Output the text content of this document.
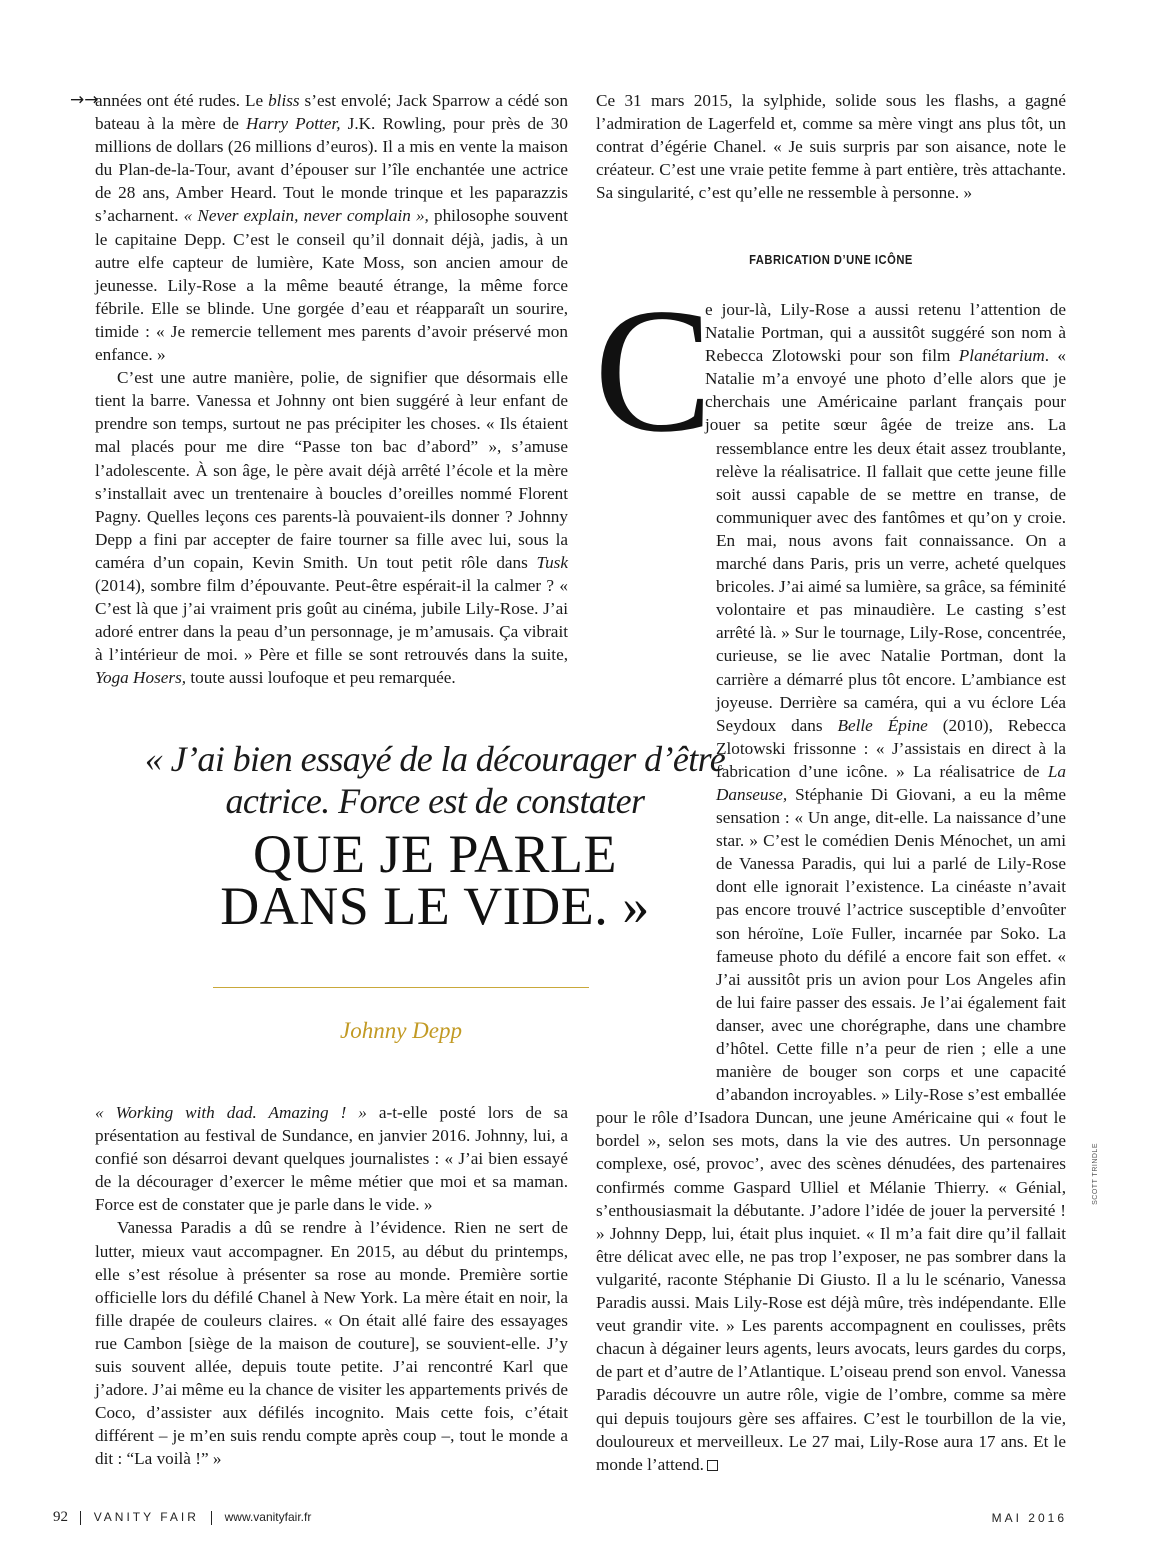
→→

années ont été rudes. Le bliss s’est envolé; Jack Sparrow a cédé son bateau à la mère de Harry Potter, J.K. Rowling, pour près de 30 millions de dollars (26 millions d’euros). Il a mis en vente la maison du Plan-de-la-Tour, avant d’épouser sur l’île enchantée une actrice de 28 ans, Amber Heard. Tout le monde trinque et les paparazzis s’acharnent. « Never explain, never complain », philosophe souvent le capitaine Depp. C’est le conseil qu’il donnait déjà, jadis, à un autre elfe capteur de lumière, Kate Moss, son ancien amour de jeunesse. Lily-Rose a la même beauté étrange, la même force fébrile. Elle se blinde. Une gorgée d’eau et réapparaît un sourire, timide : « Je remercie tellement mes parents d’avoir préservé mon enfance. »

C’est une autre manière, polie, de signifier que désormais elle tient la barre. Vanessa et Johnny ont bien suggéré à leur enfant de prendre son temps, surtout ne pas précipiter les choses. « Ils étaient mal placés pour me dire “Passe ton bac d’abord” », s’amuse l’adolescente. À son âge, le père avait déjà arrêté l’école et la mère s’installait avec un trentenaire à boucles d’oreilles nommé Florent Pagny. Quelles leçons ces parents-là pouvaient-ils donner ? Johnny Depp a fini par accepter de faire tourner sa fille avec lui, sous la caméra d’un copain, Kevin Smith. Un tout petit rôle dans Tusk (2014), sombre film d’épouvante. Peut-être espérait-il la calmer ? « C’est là que j’ai vraiment pris goût au cinéma, jubile Lily-Rose. J’ai adoré entrer dans la peau d’un personnage, je m’amusais. Ça vibrait à l’intérieur de moi. » Père et fille se sont retrouvés dans la suite, Yoga Hosers, toute aussi loufoque et peu remarquée.

Ce 31 mars 2015, la sylphide, solide sous les flashs, a gagné l’admiration de Lagerfeld et, comme sa mère vingt ans plus tôt, un contrat d’égérie Chanel. « Je suis surpris par son aisance, note le créateur. C’est une vraie petite femme à part entière, très attachante. Sa singularité, c’est qu’elle ne ressemble à personne. »

FABRICATION D’UNE ICÔNE
C

e jour-là, Lily-Rose a aussi retenu l’attention de Natalie Portman, qui a aussitôt suggéré son nom à Rebecca Zlotowski pour son film Planétarium. « Natalie m’a envoyé une photo d’elle alors que je cherchais une Américaine parlant français pour jouer sa petite sœur âgée de treize ans. La ressemblance entre les deux était assez troublante, relève la réalisatrice. Il fallait que cette jeune fille soit aussi capable de se mettre en transe, de communiquer avec des fantômes et qu’on y croie. En mai, nous avons fait connaissance. On a marché dans Paris, pris un verre, acheté quelques bricoles. J’ai aimé sa lumière, sa grâce, sa féminité volontaire et pas minaudière. Le casting s’est arrêté là. » Sur le tournage, Lily-Rose, concentrée, curieuse, se lie avec Natalie Portman, dont la carrière a démarré plus tôt encore. L’ambiance est joyeuse. Derrière sa caméra, qui a vu éclore Léa Seydoux dans Belle Épine (2010), Rebecca Zlotowski frissonne : « J’assistais en direct à la fabrication d’une icône. » La réalisatrice de La Danseuse, Stéphanie Di Giovani, a eu la même sensation : « Un ange, dit-elle. La naissance d’une star. » C’est le comédien Denis Ménochet, un ami de Vanessa Paradis, qui lui a parlé de Lily-Rose dont elle ignorait l’existence. La cinéaste n’avait pas encore trouvé l’actrice susceptible d’envoûter son héroïne, Loïe Fuller, incarnée par Soko. La fameuse photo du défilé a encore fait son effet. « J’ai aussitôt pris un avion pour Los Angeles afin de lui faire passer des essais. Je l’ai également fait danser, avec une chorégraphe, dans une chambre d’hôtel. Cette fille n’a peur de rien ; elle a une manière de bouger son corps et une capacité d’abandon incroyables. » Lily-Rose s’est emballée pour le rôle d’Isadora Duncan, une jeune Américaine qui « fout le bordel », selon ses mots, dans la vie des autres. Un personnage complexe, osé, provoc’, avec des scènes dénudées, des partenaires confirmés comme Gaspard Ulliel et Mélanie Thierry. « Génial, s’enthousiasmait la débutante. J’adore l’idée de jouer la perversité ! » Johnny Depp, lui, était plus inquiet. « Il m’a fait dire qu’il fallait être délicat avec elle, ne pas trop l’exposer, ne pas sombrer dans la vulgarité, raconte Stéphanie Di Giusto. Il a lu le scénario, Vanessa Paradis aussi. Mais Lily-Rose est déjà mûre, très indépendante. Elle veut grandir vite. » Les parents accompagnent en coulisses, prêts chacun à dégainer leurs agents, leurs avocats, leurs gardes du corps, de part et d’autre de l’Atlantique. L’oiseau prend son envol. Vanessa Paradis découvre un autre rôle, vigie de l’ombre, comme sa mère qui depuis toujours gère ses affaires. C’est le tourbillon de la vie, douloureux et merveilleux. Le 27 mai, Lily-Rose aura 17 ans. Et le monde l’attend.

« J’ai bien essayé de la décourager d’être actrice. Force est de constater
QUE JE PARLE
DANS LE VIDE. »
Johnny Depp

« Working with dad. Amazing ! » a-t-elle posté lors de sa présentation au festival de Sundance, en janvier 2016. Johnny, lui, a confié son désarroi devant quelques journalistes : « J’ai bien essayé de la décourager d’exercer le même métier que moi et sa maman. Force est de constater que je parle dans le vide. »

Vanessa Paradis a dû se rendre à l’évidence. Rien ne sert de lutter, mieux vaut accompagner. En 2015, au début du printemps, elle s’est résolue à présenter sa rose au monde. Première sortie officielle lors du défilé Chanel à New York. La mère était en noir, la fille drapée de couleurs claires. « On était allé faire des essayages rue Cambon [siège de la maison de couture], se souvient-elle. J’y suis souvent allée, depuis toute petite. J’ai rencontré Karl que j’adore. J’ai même eu la chance de visiter les appartements privés de Coco, d’assister aux défilés incognito. Mais cette fois, c’était différent – je m’en suis rendu compte après coup –, tout le monde a dit : “La voilà !” »

SCOTT TRINDLE
92 VANITY FAIR www.vanityfair.fr	MAI 2016
